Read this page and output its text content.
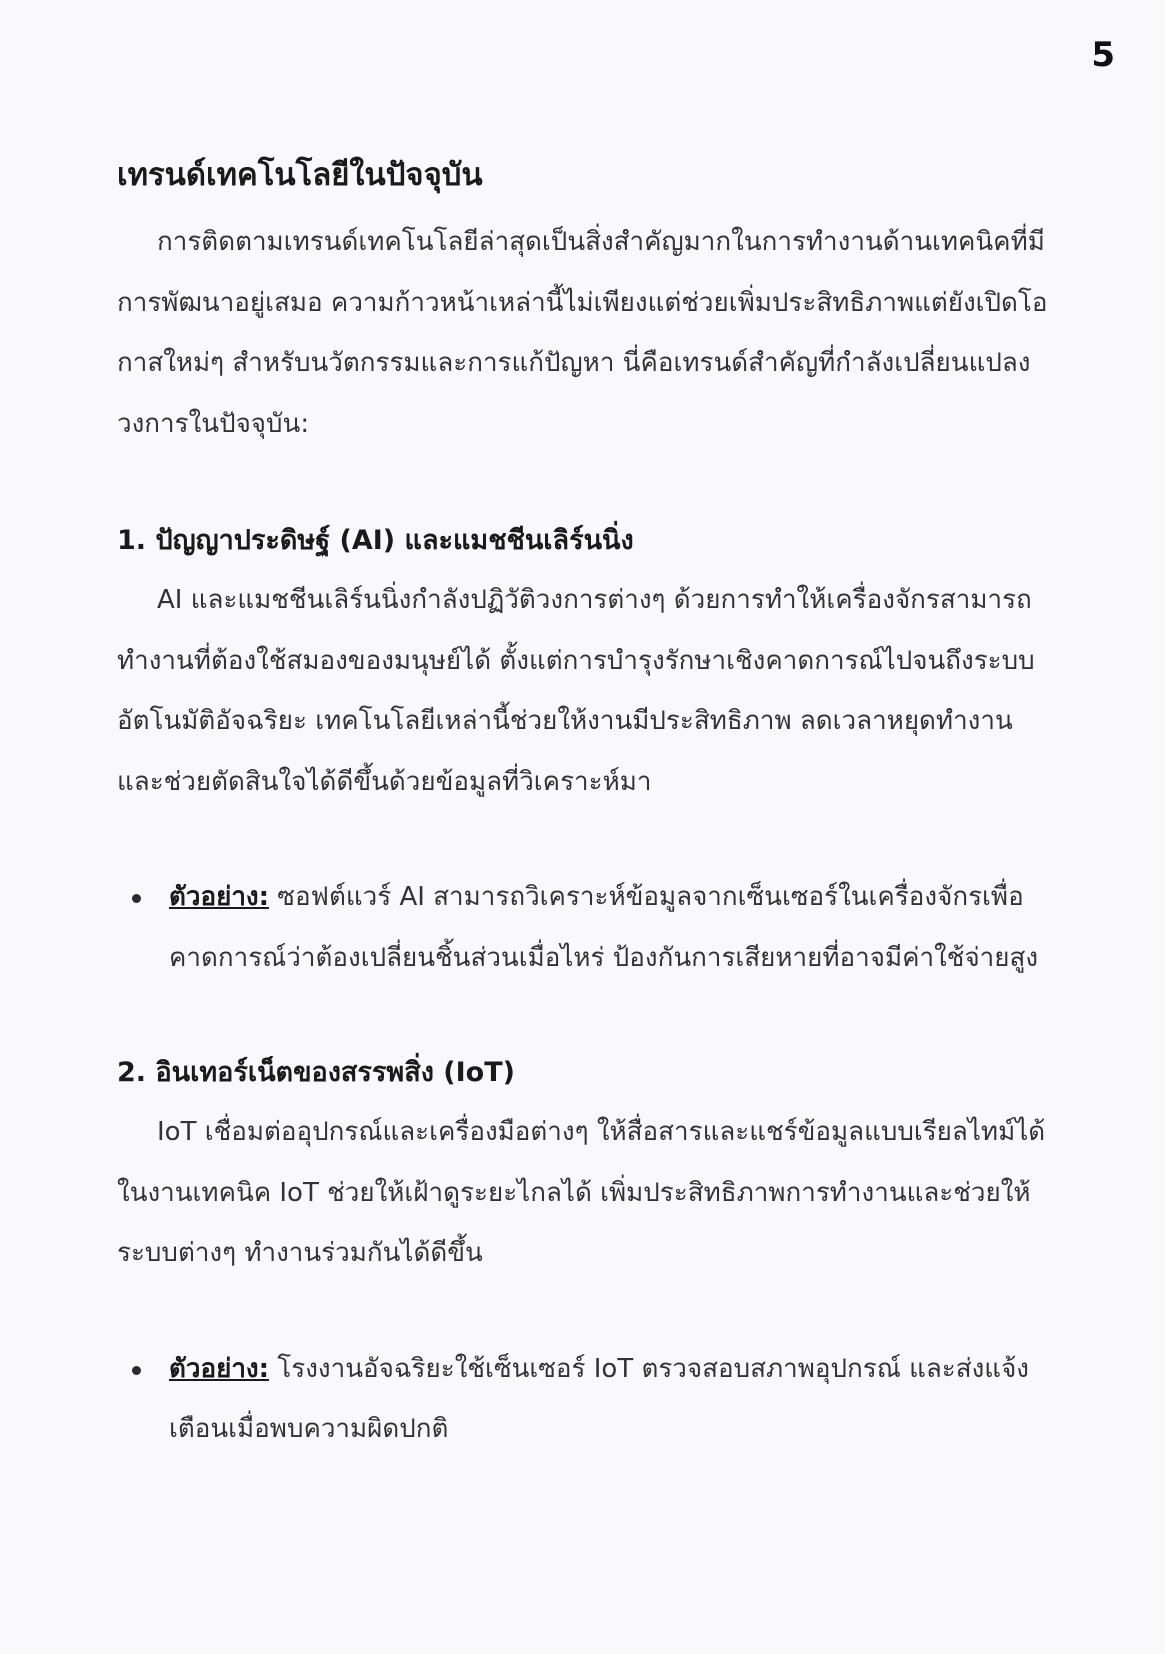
5
เทรนด์เทคโนโลยีในปัจจุบัน

การติดตามเทรนด์เทคโนโลยีล่าสุดเป็นสิ่งสำคัญมากในการทำงานด้านเทคนิคที่มีการพัฒนาอยู่เสมอ ความก้าวหน้าเหล่านี้ไม่เพียงแต่ช่วยเพิ่มประสิทธิภาพแต่ยังเปิดโอกาสใหม่ๆ สำหรับนวัตกรรมและการแก้ปัญหา นี่คือเทรนด์สำคัญที่กำลังเปลี่ยนแปลงวงการในปัจจุบัน:

1. ปัญญาประดิษฐ์ (AI) และแมชชีนเลิร์นนิ่ง

AI และแมชชีนเลิร์นนิ่งกำลังปฏิวัติวงการต่างๆ ด้วยการทำให้เครื่องจักรสามารถทำงานที่ต้องใช้สมองของมนุษย์ได้ ตั้งแต่การบำรุงรักษาเชิงคาดการณ์ไปจนถึงระบบอัตโนมัติอัจฉริยะ เทคโนโลยีเหล่านี้ช่วยให้งานมีประสิทธิภาพ ลดเวลาหยุดทำงาน และช่วยตัดสินใจได้ดีขึ้นด้วยข้อมูลที่วิเคราะห์มา

ตัวอย่าง: ซอฟต์แวร์ AI สามารถวิเคราะห์ข้อมูลจากเซ็นเซอร์ในเครื่องจักรเพื่อคาดการณ์ว่าต้องเปลี่ยนชิ้นส่วนเมื่อไหร่ ป้องกันการเสียหายที่อาจมีค่าใช้จ่ายสูง
2. อินเทอร์เน็ตของสรรพสิ่ง (IoT)

IoT เชื่อมต่ออุปกรณ์และเครื่องมือต่างๆ ให้สื่อสารและแชร์ข้อมูลแบบเรียลไทม์ได้ ในงานเทคนิค IoT ช่วยให้เฝ้าดูระยะไกลได้ เพิ่มประสิทธิภาพการทำงานและช่วยให้ระบบต่างๆ ทำงานร่วมกันได้ดีขึ้น

ตัวอย่าง: โรงงานอัจฉริยะใช้เซ็นเซอร์ IoT ตรวจสอบสภาพอุปกรณ์ และส่งแจ้งเตือนเมื่อพบความผิดปกติ
